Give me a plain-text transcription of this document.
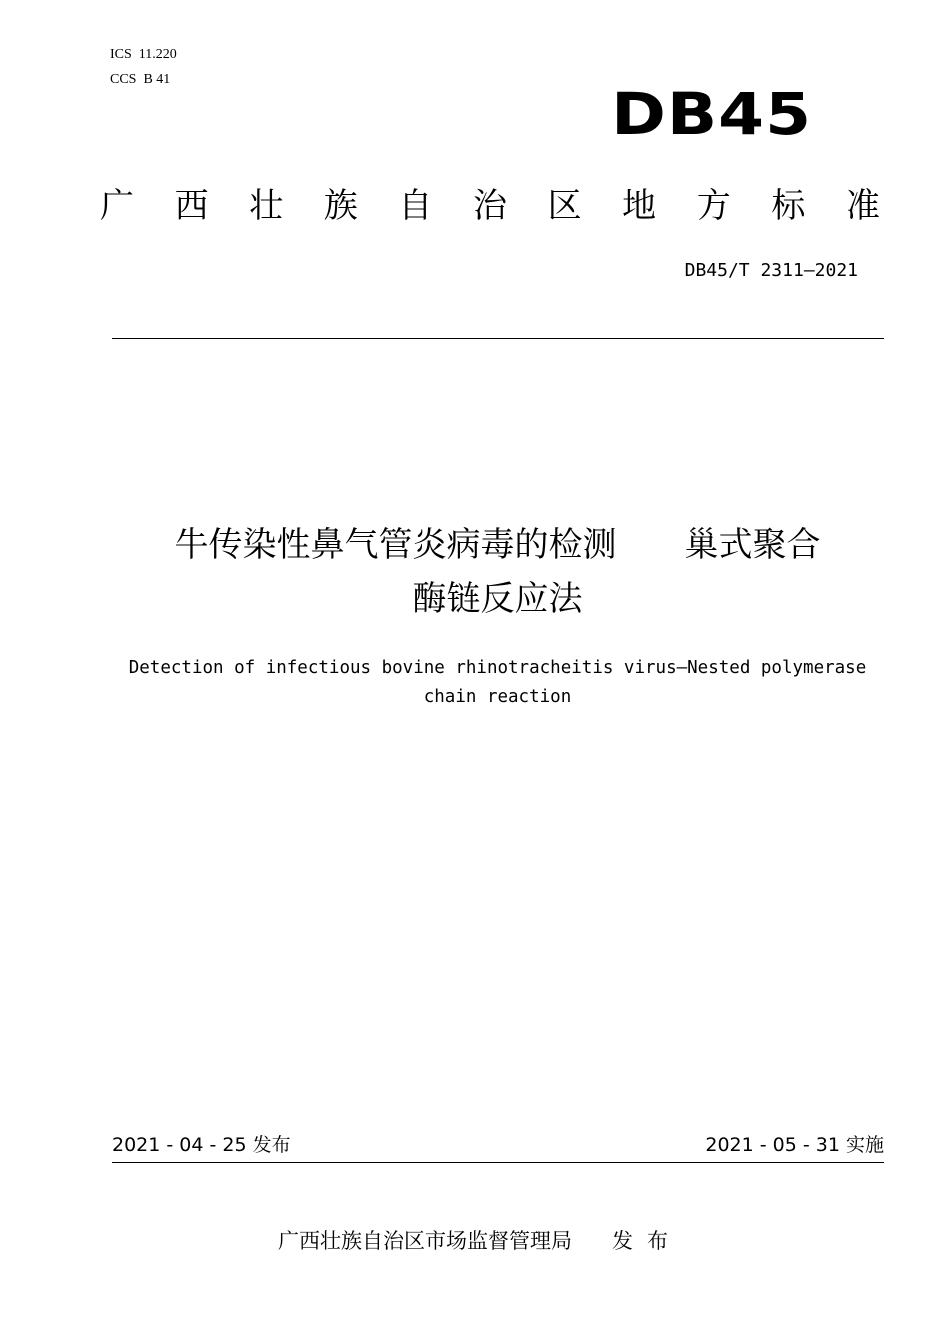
ICS  11.220
CCS  B 41
DB45
广 西 壮 族 自 治 区 地 方 标 准
DB45/T 2311—2021
牛传染性鼻气管炎病毒的检测　　巢式聚合
酶链反应法
Detection of infectious bovine rhinotracheitis virus—Nested polymerase
chain reaction
2021 - 04 - 25 发布	2021 - 05 - 31 实施
广西壮族自治区市场监督管理局 发布
